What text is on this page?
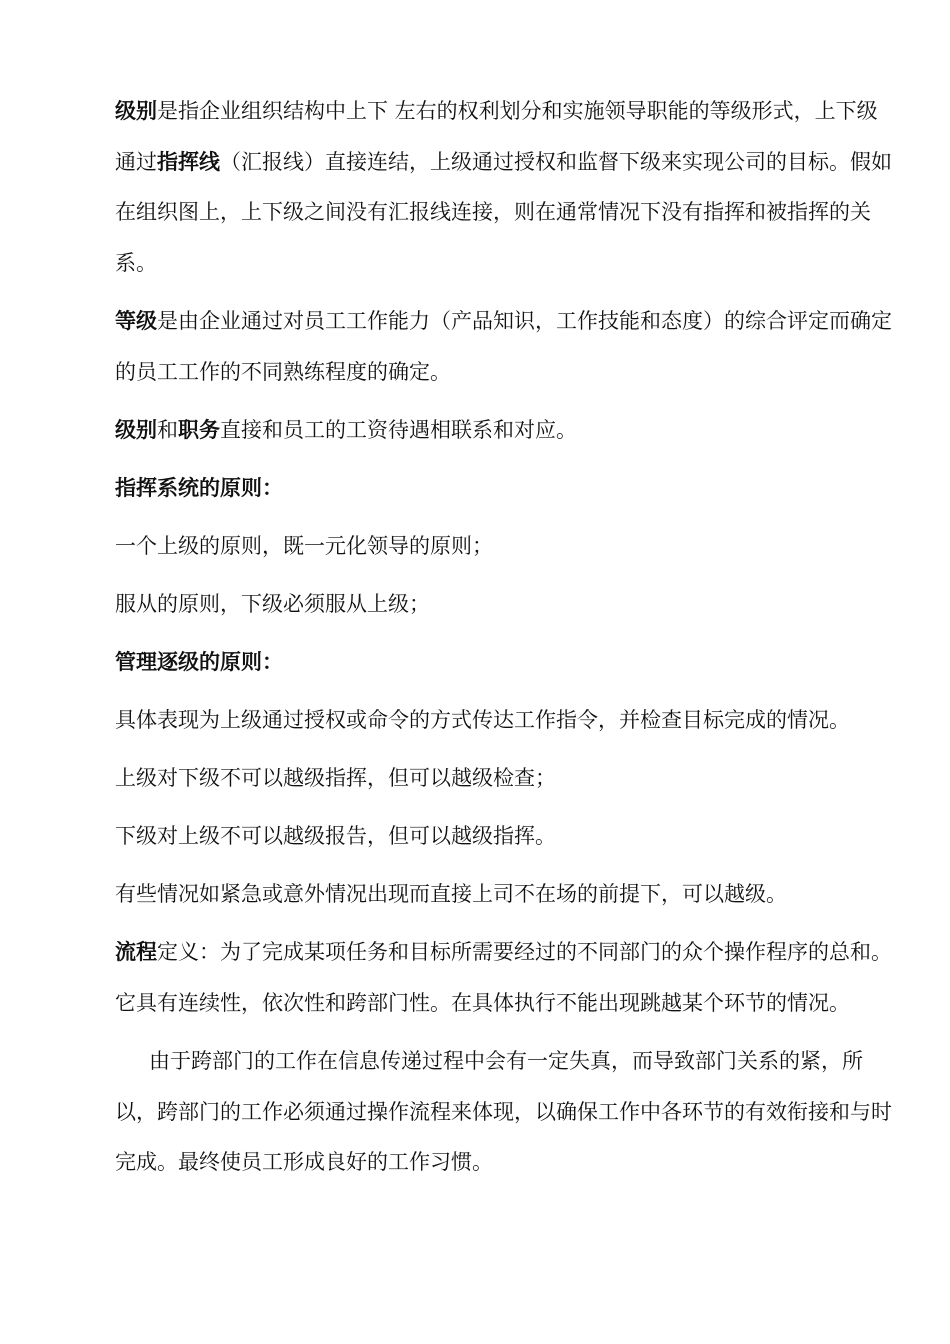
级别是指企业组织结构中上下 左右的权利划分和实施领导职能的等级形式，上下级通过指挥线（汇报线）直接连结，上级通过授权和监督下级来实现公司的目标。假如在组织图上，上下级之间没有汇报线连接，则在通常情况下没有指挥和被指挥的关系。

等级是由企业通过对员工工作能力（产品知识，工作技能和态度）的综合评定而确定的员工工作的不同熟练程度的确定。

级别和职务直接和员工的工资待遇相联系和对应。

指挥系统的原则：

一个上级的原则，既一元化领导的原则；

服从的原则，下级必须服从上级；

管理逐级的原则：

具体表现为上级通过授权或命令的方式传达工作指令，并检查目标完成的情况。

上级对下级不可以越级指挥，但可以越级检查；

下级对上级不可以越级报告，但可以越级指挥。

有些情况如紧急或意外情况出现而直接上司不在场的前提下，可以越级。

流程定义：为了完成某项任务和目标所需要经过的不同部门的众个操作程序的总和。它具有连续性，依次性和跨部门性。在具体执行不能出现跳越某个环节的情况。

由于跨部门的工作在信息传递过程中会有一定失真，而导致部门关系的紧，所以，跨部门的工作必须通过操作流程来体现，以确保工作中各环节的有效衔接和与时完成。最终使员工形成良好的工作习惯。
